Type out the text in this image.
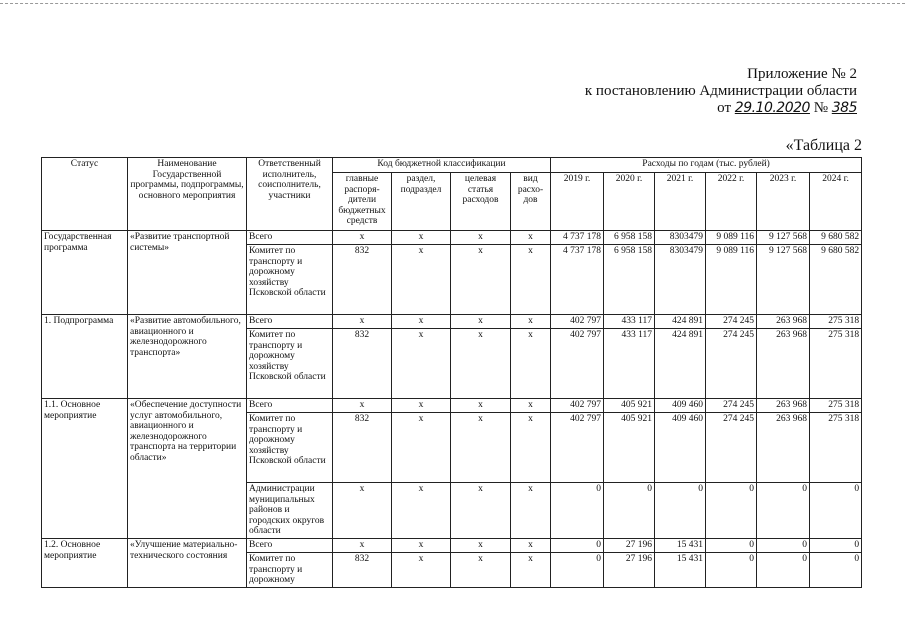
Приложение № 2
к постановлению Администрации области
от 29.10.2020 № 385
«Таблица 2
Статус	Наименование Государственной программы, подпрограммы, основного мероприятия	Ответственный исполнитель, соисполнитель, участники	Код бюджетной классификации				Расходы по годам (тыс. рублей)					
			главные распоря-дители бюджетных средств	раздел, подраздел	целевая статья расходов	вид расхо-дов	2019 г.	2020 г.	2021 г.	2022 г.	2023 г.	2024 г.
Государственная программа	«Развитие транспортной системы»	Всего	x	x	x	x	4 737 178	6 958 158	8303479	9 089 116	9 127 568	9 680 582
		Комитет по транспорту и дорожному хозяйству Псковской области	832	x	x	x	4 737 178	6 958 158	8303479	9 089 116	9 127 568	9 680 582
1. Подпрограмма	«Развитие автомобильного, авиационного и железнодорожного транспорта»	Всего	x	x	x	x	402 797	433 117	424 891	274 245	263 968	275 318
		Комитет по транспорту и дорожному хозяйству Псковской области	832	x	x	x	402 797	433 117	424 891	274 245	263 968	275 318
1.1. Основное мероприятие	«Обеспечение доступности услуг автомобильного, авиационного и железнодорожного транспорта на территории области»	Всего	x	x	x	x	402 797	405 921	409 460	274 245	263 968	275 318
		Комитет по транспорту и дорожному хозяйству Псковской области	832	x	x	x	402 797	405 921	409 460	274 245	263 968	275 318
		Администрации муниципальных районов и городских округов области	x	x	x	x	0	0	0	0	0	0
1.2. Основное мероприятие	«Улучшение материально-технического состояния	Всего	x	x	x	x	0	27 196	15 431	0	0	0
		Комитет по транспорту и дорожному	832	x	x	x	0	27 196	15 431	0	0	0
